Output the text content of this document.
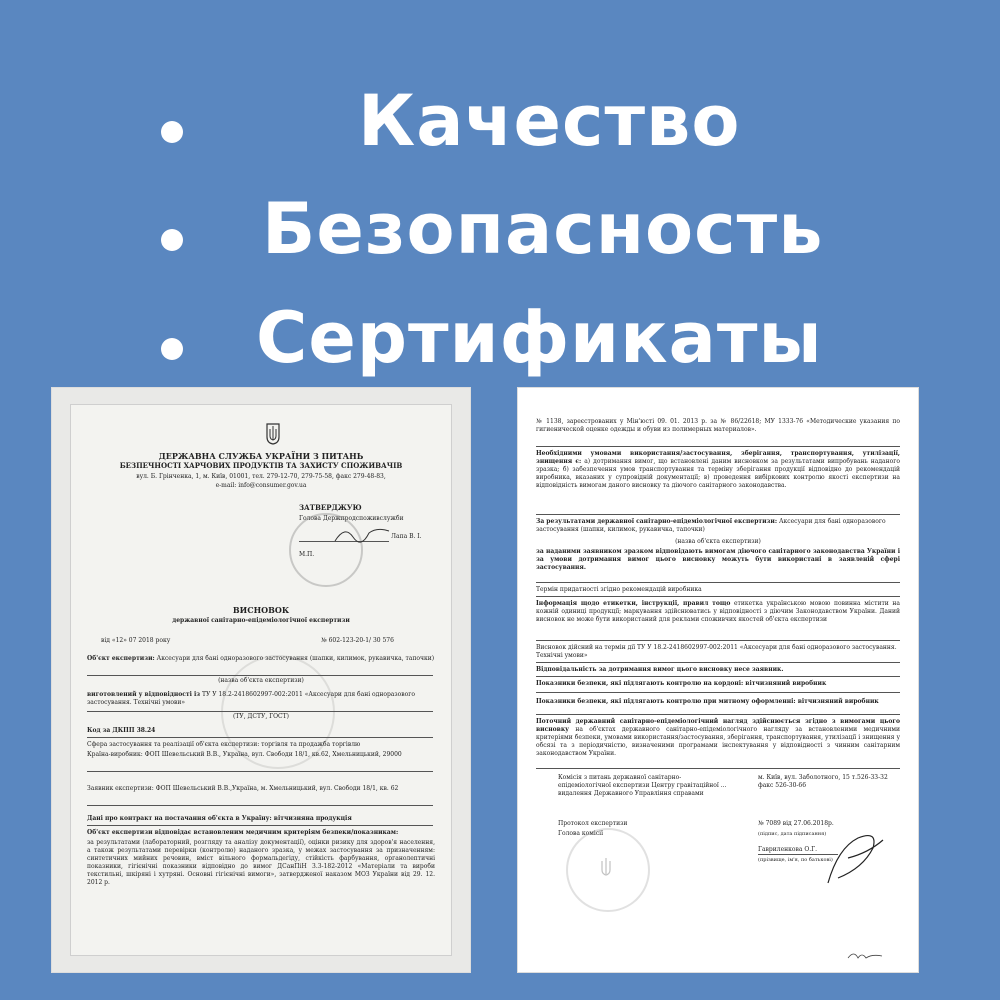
Качество
Безопасность
Сертификаты
ДЕРЖАВНА СЛУЖБА УКРАЇНИ З ПИТАНЬ
БЕЗПЕЧНОСТІ ХАРЧОВИХ ПРОДУКТІВ ТА ЗАХИСТУ СПОЖИВАЧІВ
вул. Б. Грінченка, 1, м. Київ, 01001, тел. 279-12-70, 279-75-58, факс 279-48-83,
e-mail: info@consumer.gov.ua
ЗАТВЕРДЖУЮ
Голова Держпродспоживслужби
Лапа В. І.
М.П.
ВИСНОВОК
державної санітарно-епідеміологічної експертизи
від «12» 07 2018 року	№ 602-123-20-1/ 30 576
Об'єкт експертизи: Аксесуари для бані одноразового застосування (шапки, килимок, рукавичка, тапочки)
(назва об'єкта експертизи)
виготовлений у відповідності із ТУ У 18.2-2418602997-002:2011 «Аксесуари для бані одноразового застосування. Технічні умови»
(ТУ, ДСТУ, ГОСТ)
Код за ДКПП 38.24
Сфера застосування та реалізації об'єкта експертизи: торгівля та продажба торгівлю
Країна-виробник: ФОП Шевельський В.В., Україна, вул. Свободи 18/1, кв.62, Хмельницький, 29000
Заявник експертизи: ФОП Шевельський В.В.,Україна, м. Хмельницький, вул. Свободи 18/1, кв. 62
Дані про контракт на постачання об'єкта в Україну: вітчизняна продукція
Об'єкт експертизи відповідає встановленим медичним критеріям безпеки/показникам:
за результатами (лабораторний, розгляду та аналізу документації), оцінки ризику для здоров'я населення, а також результатами перевірки (контролю) наданого зразка, у межах застосування за призначенням: синтетичних мийних речовин, вміст вільного формальдегіду, стійкість фарбування, органолептичні показники, гігієнічні показники відповідно до вимог ДСанПіН 3.3-182-2012 «Матеріали та вироби текстильні, шкіряні і хутряні. Основні гігієнічні вимоги», затвердженої наказом МОЗ України від 29. 12. 2012 р.
№ 1138, зареєстрованих у Мін'юсті 09. 01. 2013 р. за № 86/22618; МУ 1333-76 «Методические указания по гигиенической оценке одежды и обуви из полимерных материалов».
Необхідними умовами використання/застосування, зберігання, транспортування, утилізації, знищення є: а) дотримання вимог, що встановлені даним висновком за результатами випробувань наданого зразка; б) забезпечення умов транспортування та терміну зберігання продукції відповідно до рекомендацій виробника, вказаних у супровідній документації; в) проведення вибіркових контролю якості експертизи на відповідність вимогам даного висновку та діючого санітарного законодавства.
За результатами державної санітарно-епідеміологічної експертизи: Аксесуари для бані одноразового застосування (шапки, килимок, рукавичка, тапочки)
(назва об'єкта експертизи)
за наданими заявником зразком відповідають вимогам діючого санітарного законодавства України і за умови дотримання вимог цього висновку можуть бути використані в заявленій сфері застосування.
Термін придатності згідно рекомендацій виробника
Інформація щодо етикетки, інструкції, правил тощо етикетка українською мовою повинна містити на кожній одиниці продукції; маркування здійснюватись у відповідності з діючим Законодавством України. Даний висновок не може бути використаний для реклами споживчих якостей об'єкта експертизи
Висновок дійсний на термін дії ТУ У 18.2-2418602997-002:2011 «Аксесуари для бані одноразового застосування. Технічні умови»
Відповідальність за дотримання вимог цього висновку несе заявник.
Показники безпеки, які підлягають контролю на кордоні: вітчизняний виробник
Показники безпеки, які підлягають контролю при митному оформленні: вітчизняний виробник
Поточний державний санітарно-епідеміологічний нагляд здійснюється згідно з вимогами цього висновку на об'єктах державного санітарно-епідеміологічного нагляду за встановленими медичними критеріями безпеки, умовами використання/застосування, зберігання, транспортування, утилізації і знищення у обсязі та з періодичністю, визначеними програмами інспектування у відповідності з чинним санітарним законодавством України.
Комісія з питань державної санітарно-епідеміологічної експертизи Центру гравітаційної ... видалення Державного Управління справами
м. Київ, вул. Заболотного, 15 т.526-33-32 факс 526-30-66
Протокол експертизи
Голова комісії
№ 7089 від 27.06.2018р.
(підпис, дата підписання)
Гавриленкова О.Г.
(прізвище, ім'я, по батькові)
